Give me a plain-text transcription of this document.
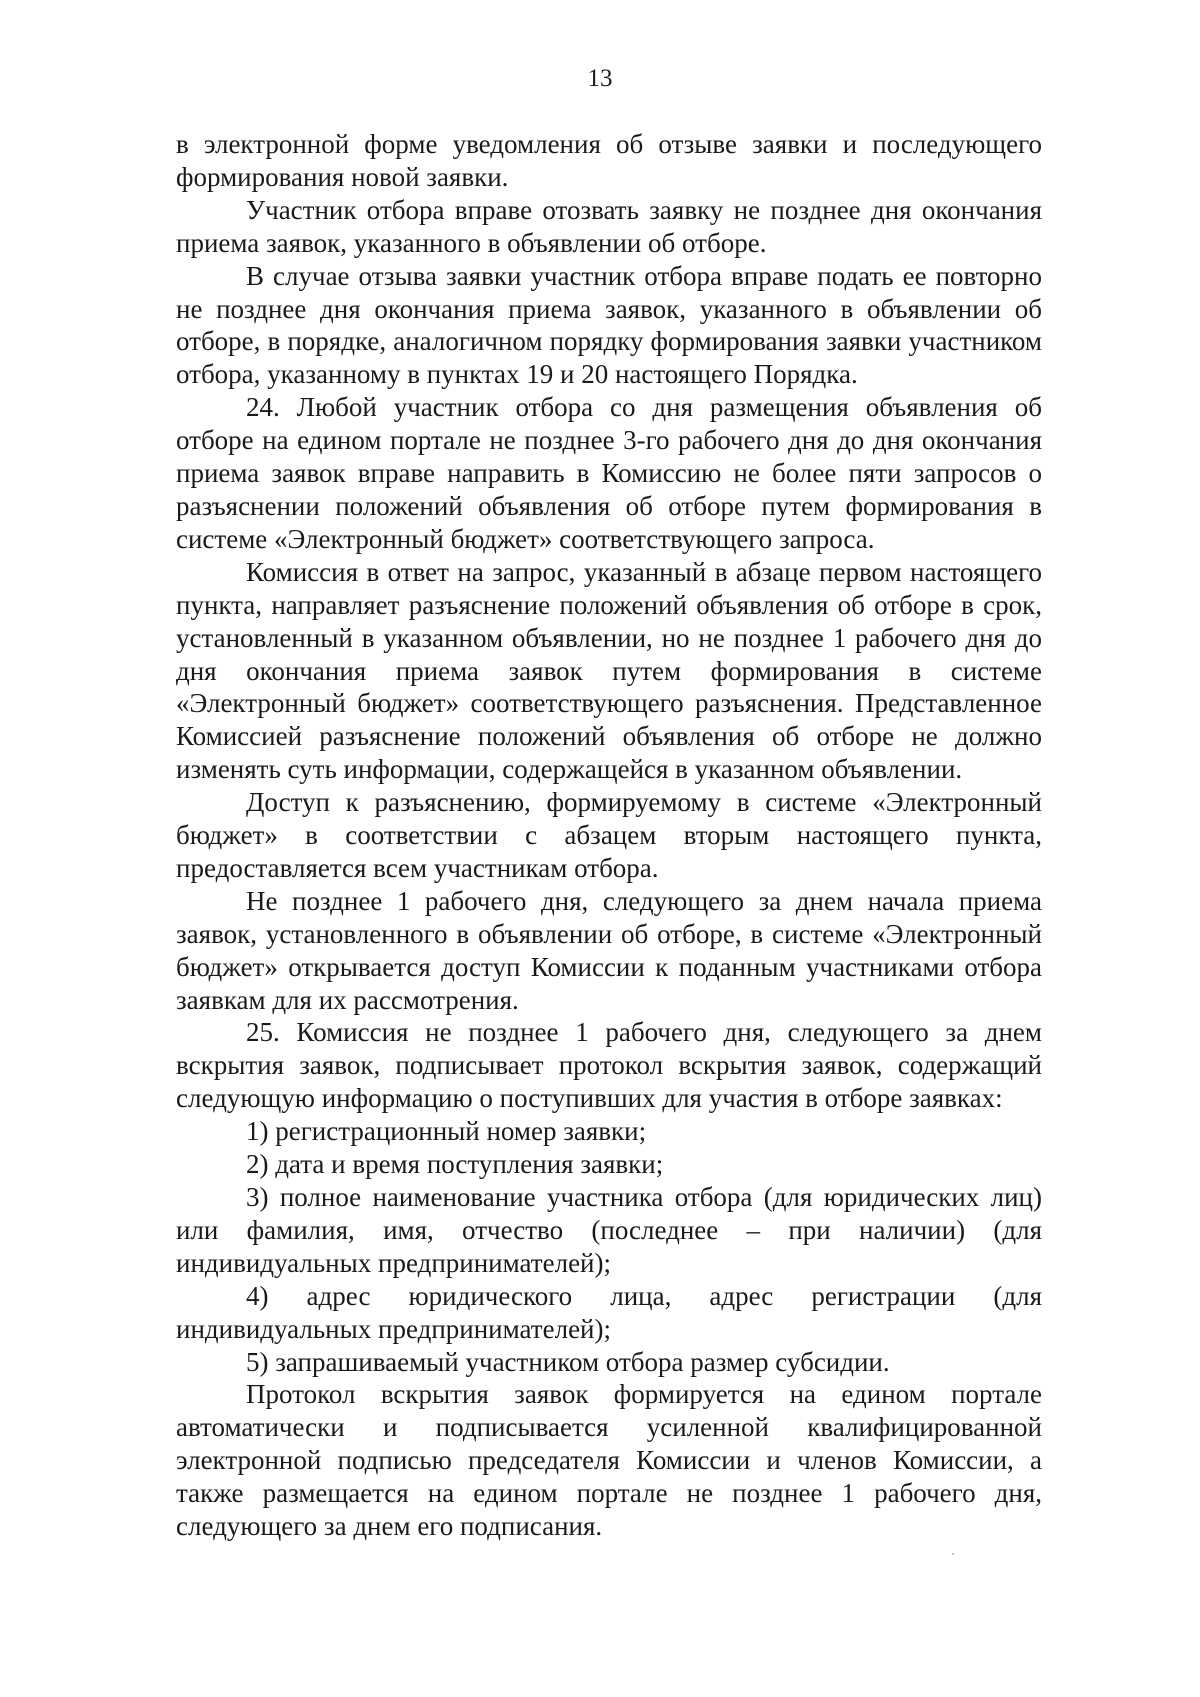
13

в электронной форме уведомления об отзыве заявки и последующего формирования новой заявки.

Участник отбора вправе отозвать заявку не позднее дня окончания приема заявок, указанного в объявлении об отборе.

В случае отзыва заявки участник отбора вправе подать ее повторно не позднее дня окончания приема заявок, указанного в объявлении об отборе, в порядке, аналогичном порядку формирования заявки участником отбора, указанному в пунктах 19 и 20 настоящего Порядка.

24. Любой участник отбора со дня размещения объявления об отборе на едином портале не позднее 3-го рабочего дня до дня окончания приема заявок вправе направить в Комиссию не более пяти запросов о разъяснении положений объявления об отборе путем формирования в системе «Электронный бюджет» соответствующего запроса.

Комиссия в ответ на запрос, указанный в абзаце первом настоящего пункта, направляет разъяснение положений объявления об отборе в срок, установленный в указанном объявлении, но не позднее 1 рабочего дня до дня окончания приема заявок путем формирования в системе «Электронный бюджет» соответствующего разъяснения. Представленное Комиссией разъяснение положений объявления об отборе не должно изменять суть информации, содержащейся в указанном объявлении.

Доступ к разъяснению, формируемому в системе «Электронный бюджет» в соответствии с абзацем вторым настоящего пункта, предоставляется всем участникам отбора.

Не позднее 1 рабочего дня, следующего за днем начала приема заявок, установленного в объявлении об отборе, в системе «Электронный бюджет» открывается доступ Комиссии к поданным участниками отбора заявкам для их рассмотрения.

25. Комиссия не позднее 1 рабочего дня, следующего за днем вскрытия заявок, подписывает протокол вскрытия заявок, содержащий следующую информацию о поступивших для участия в отборе заявках:

1) регистрационный номер заявки;

2) дата и время поступления заявки;

3) полное наименование участника отбора (для юридических лиц) или фамилия, имя, отчество (последнее – при наличии) (для индивидуальных предпринимателей);

4) адрес юридического лица, адрес регистрации (для индивидуальных предпринимателей);

5) запрашиваемый участником отбора размер субсидии.

Протокол вскрытия заявок формируется на едином портале автоматически и подписывается усиленной квалифицированной электронной подписью председателя Комиссии и членов Комиссии, а также размещается на едином портале не позднее 1 рабочего дня, следующего за днем его подписания.
